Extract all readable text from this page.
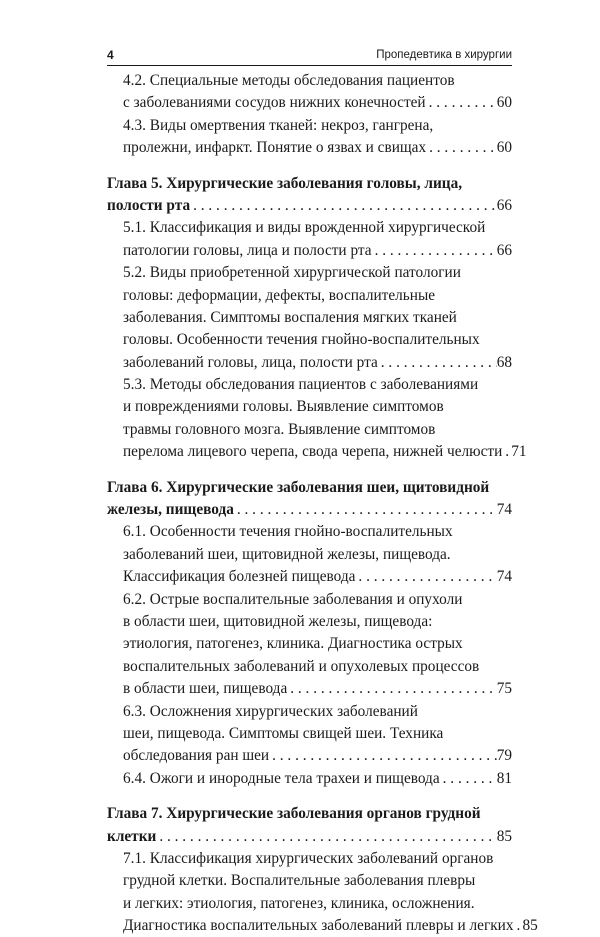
4	Пропедевтика в хирургии
4.2. Специальные методы обследования пациентов
с заболеваниями сосудов нижних конечностей . . .	60
4.3. Виды омертвения тканей: некроз, гангрена,
пролежни, инфаркт. Понятие о язвах и свищах . . .	60
Глава 5. Хирургические заболевания головы, лица,
полости рта . . .	66
5.1. Классификация и виды врожденной хирургической
патологии головы, лица и полости рта . . .	66
5.2. Виды приобретенной хирургической патологии
головы: деформации, дефекты, воспалительные
заболевания. Симптомы воспаления мягких тканей
головы. Особенности течения гнойно-воспалительных
заболеваний головы, лица, полости рта . . .	68
5.3. Методы обследования пациентов с заболеваниями
и повреждениями головы. Выявление симптомов
травмы головного мозга. Выявление симптомов
перелома лицевого черепа, свода черепа, нижней челюсти . . . 71
Глава 6. Хирургические заболевания шеи, щитовидной
железы, пищевода . . .	74
6.1. Особенности течения гнойно-воспалительных
заболеваний шеи, щитовидной железы, пищевода.
Классификация болезней пищевода . . .	74
6.2. Острые воспалительные заболевания и опухоли
в области шеи, щитовидной железы, пищевода:
этиология, патогенез, клиника. Диагностика острых
воспалительных заболеваний и опухолевых процессов
в области шеи, пищевода . . .	75
6.3. Осложнения хирургических заболеваний
шеи, пищевода. Симптомы свищей шеи. Техника
обследования ран шеи . . .	79
6.4. Ожоги и инородные тела трахеи и пищевода . . .	81
Глава 7. Хирургические заболевания органов грудной
клетки . . .	85
7.1. Классификация хирургических заболеваний органов
грудной клетки. Воспалительные заболевания плевры
и легких: этиология, патогенез, клиника, осложнения.
Диагностика воспалительных заболеваний плевры и легких . . . 85
